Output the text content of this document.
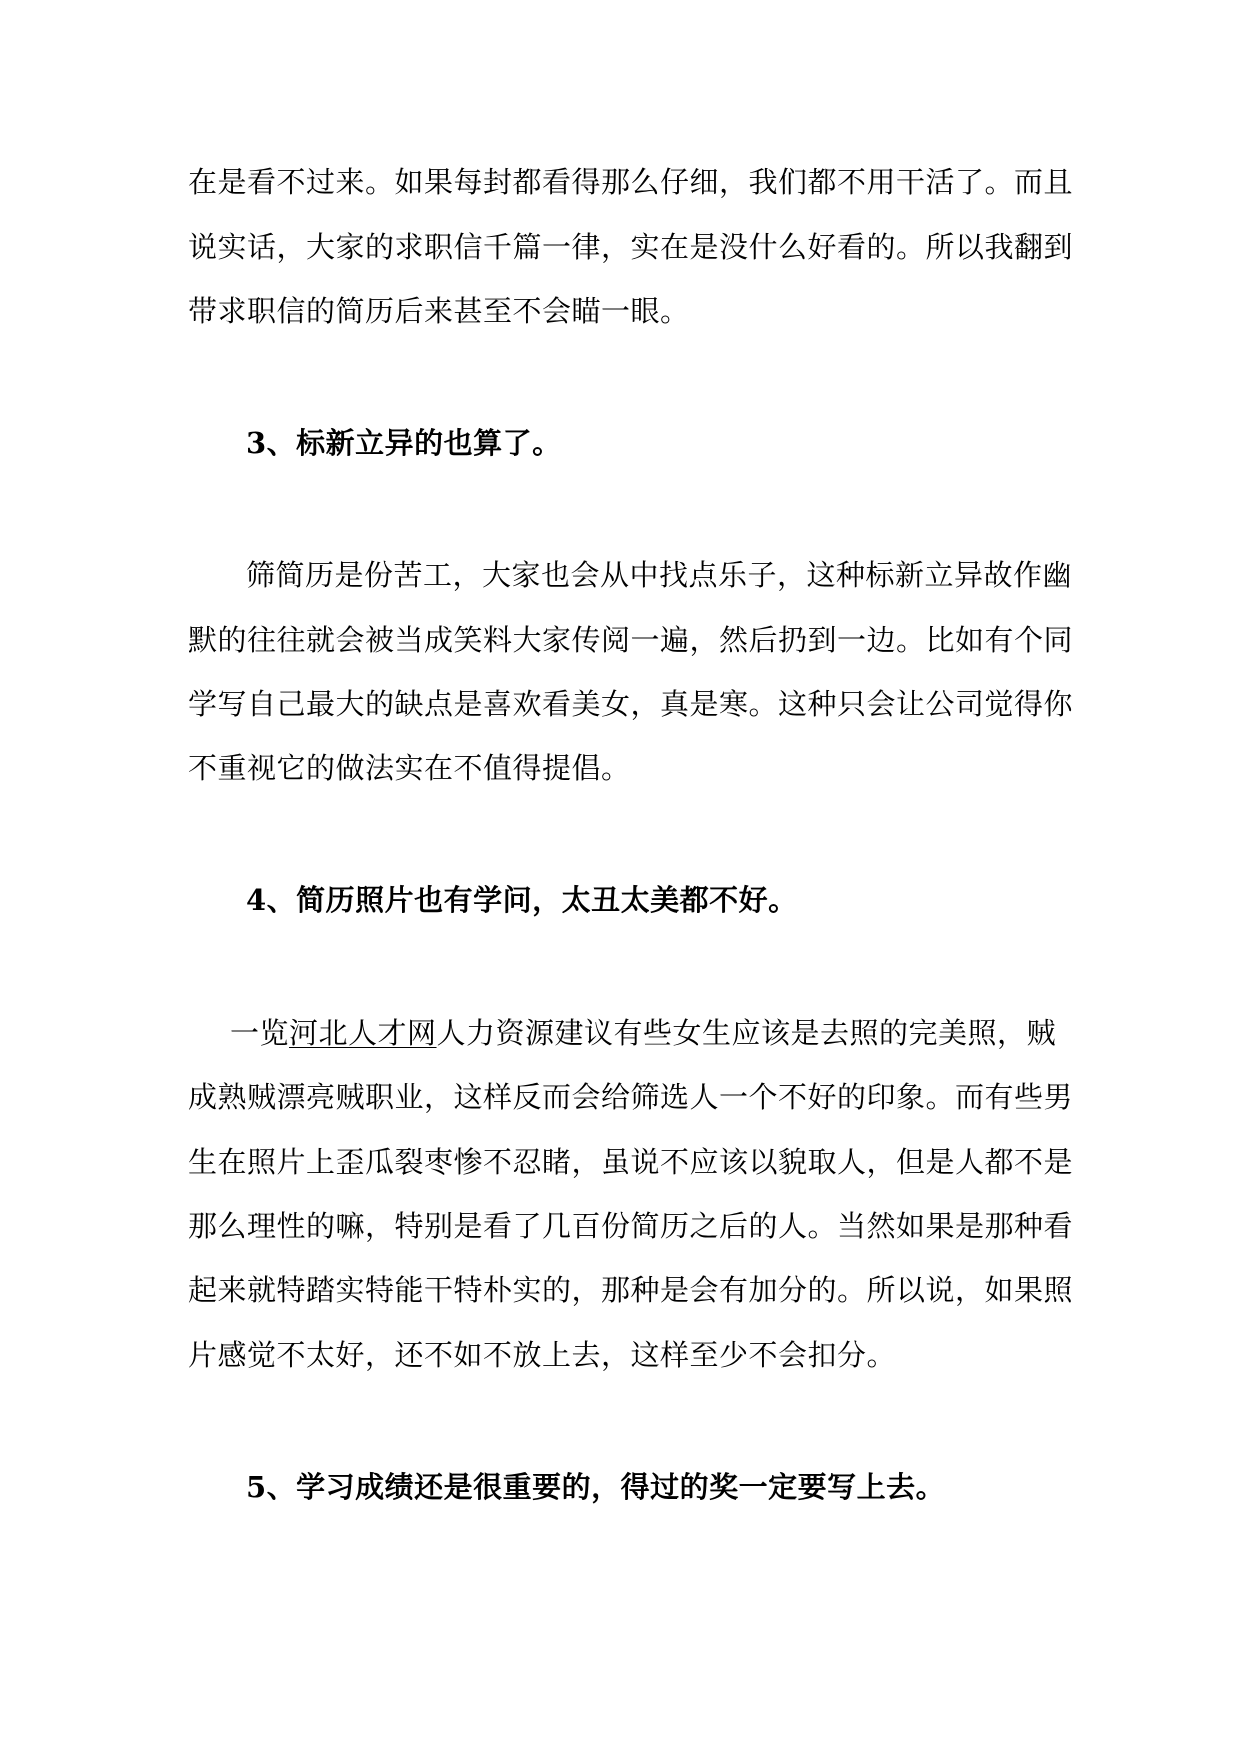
在是看不过来。如果每封都看得那么仔细，我们都不用干活了。而且
说实话，大家的求职信千篇一律，实在是没什么好看的。所以我翻到
带求职信的简历后来甚至不会瞄一眼。
3、标新立异的也算了。
筛简历是份苦工，大家也会从中找点乐子，这种标新立异故作幽
默的往往就会被当成笑料大家传阅一遍，然后扔到一边。比如有个同
学写自己最大的缺点是喜欢看美女，真是寒。这种只会让公司觉得你
不重视它的做法实在不值得提倡。
4、简历照片也有学问，太丑太美都不好。
一览河北人才网人力资源建议有些女生应该是去照的完美照，贼
成熟贼漂亮贼职业，这样反而会给筛选人一个不好的印象。而有些男
生在照片上歪瓜裂枣惨不忍睹，虽说不应该以貌取人，但是人都不是
那么理性的嘛，特别是看了几百份简历之后的人。当然如果是那种看
起来就特踏实特能干特朴实的，那种是会有加分的。所以说，如果照
片感觉不太好，还不如不放上去，这样至少不会扣分。
5、学习成绩还是很重要的，得过的奖一定要写上去。
